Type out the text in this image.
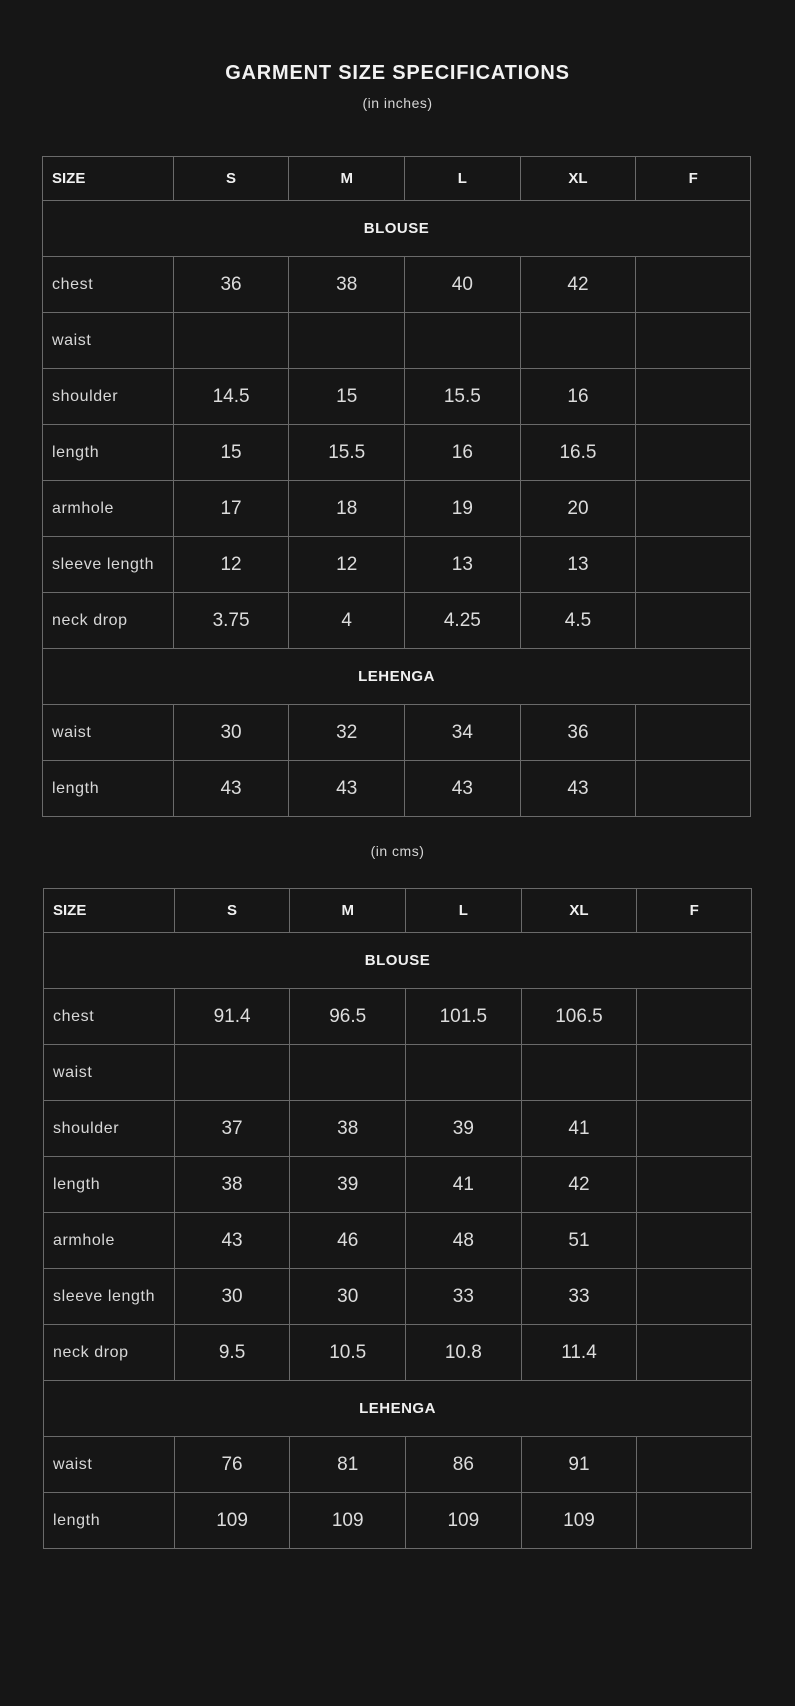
GARMENT SIZE SPECIFICATIONS
(in inches)
SIZE	S	M	L	XL	F
BLOUSE					
chest	36	38	40	42	
waist					
shoulder	14.5	15	15.5	16	
length	15	15.5	16	16.5	
armhole	17	18	19	20	
sleeve length	12	12	13	13	
neck drop	3.75	4	4.25	4.5	
LEHENGA					
waist	30	32	34	36	
length	43	43	43	43	
(in cms)
SIZE	S	M	L	XL	F
BLOUSE					
chest	91.4	96.5	101.5	106.5	
waist					
shoulder	37	38	39	41	
length	38	39	41	42	
armhole	43	46	48	51	
sleeve length	30	30	33	33	
neck drop	9.5	10.5	10.8	11.4	
LEHENGA					
waist	76	81	86	91	
length	109	109	109	109	
